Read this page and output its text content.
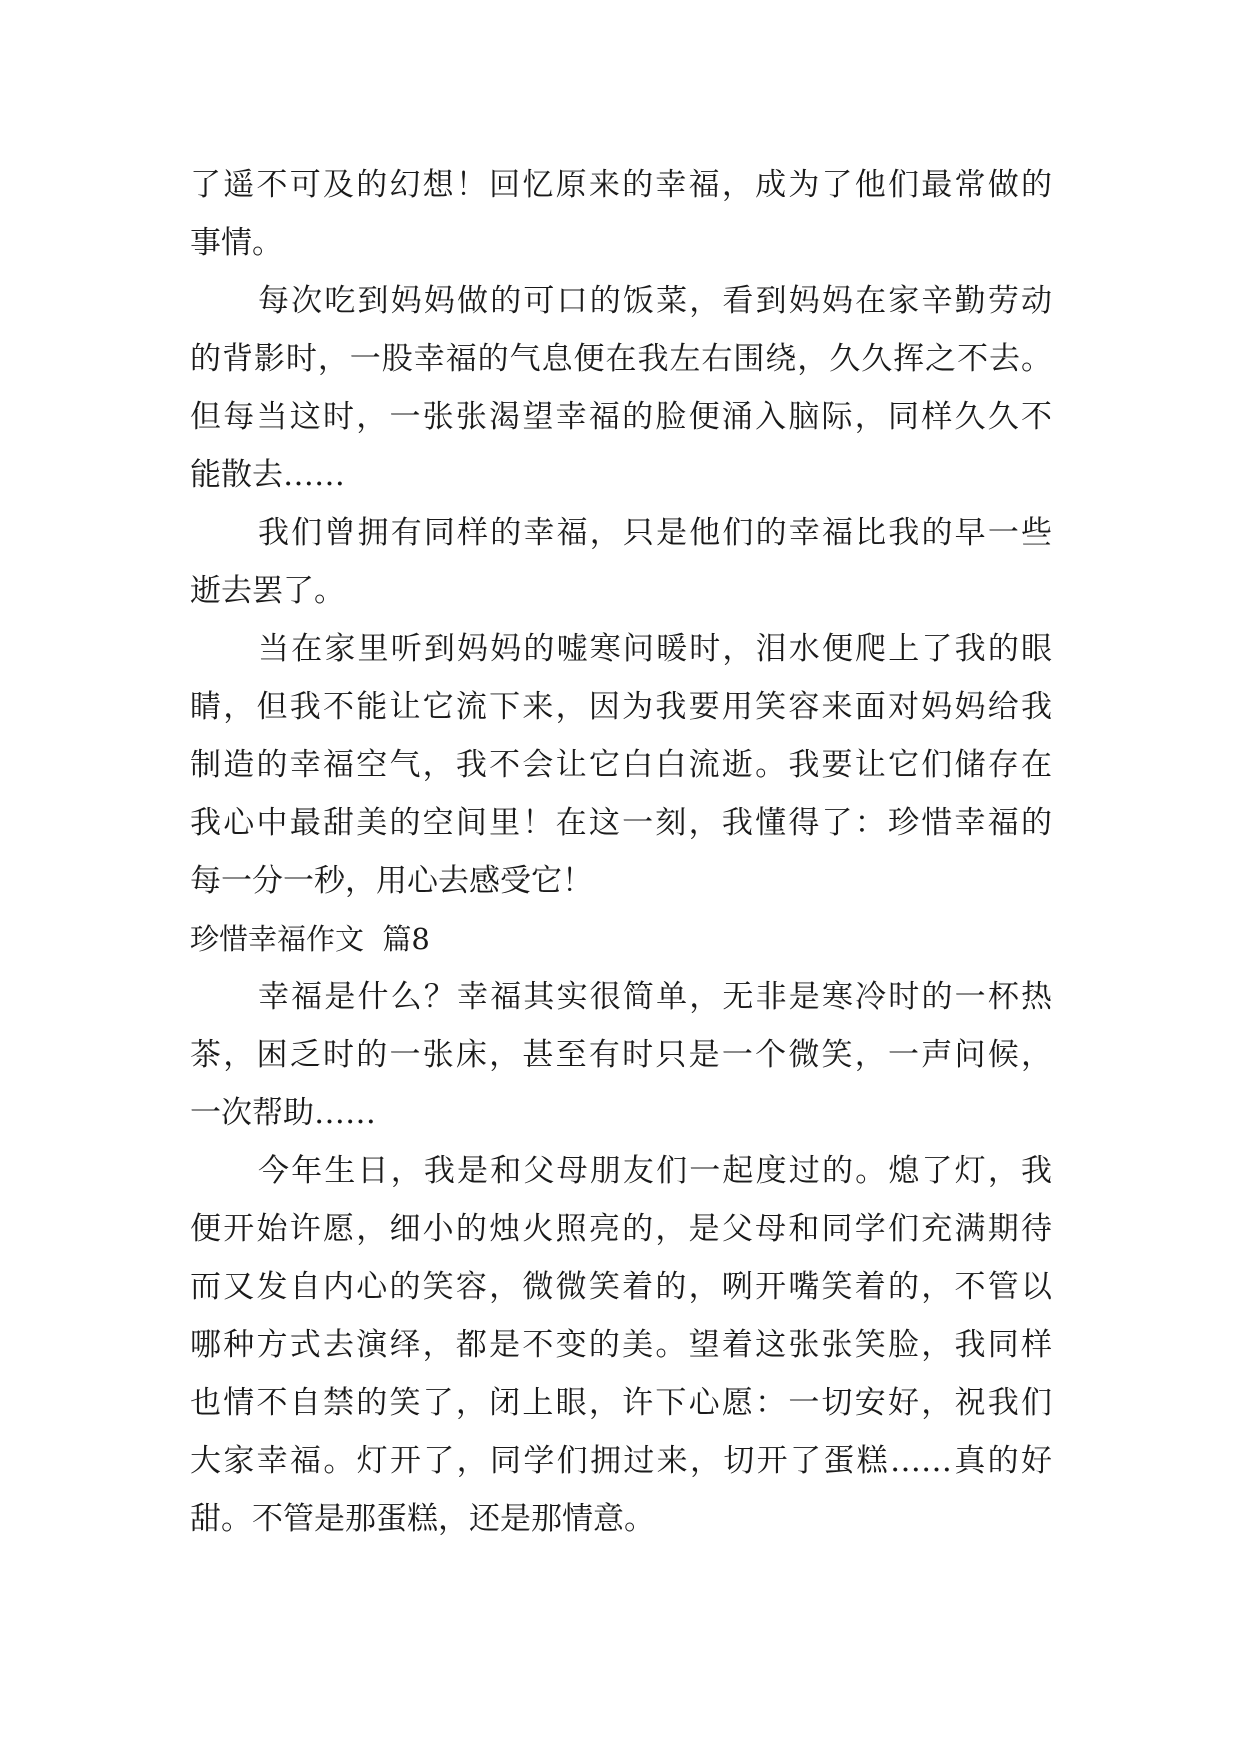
了遥不可及的幻想！回忆原来的幸福，成为了他们最常做的
事情。
每次吃到妈妈做的可口的饭菜，看到妈妈在家辛勤劳动
的背影时，一股幸福的气息便在我左右围绕，久久挥之不去。
但每当这时，一张张渴望幸福的脸便涌入脑际，同样久久不
能散去……
我们曾拥有同样的幸福，只是他们的幸福比我的早一些
逝去罢了。
当在家里听到妈妈的嘘寒问暖时，泪水便爬上了我的眼
睛，但我不能让它流下来，因为我要用笑容来面对妈妈给我
制造的幸福空气，我不会让它白白流逝。我要让它们储存在
我心中最甜美的空间里！在这一刻，我懂得了：珍惜幸福的
每一分一秒，用心去感受它！
珍惜幸福作文  篇8
幸福是什么？幸福其实很简单，无非是寒冷时的一杯热
茶，困乏时的一张床，甚至有时只是一个微笑，一声问候，
一次帮助……
今年生日，我是和父母朋友们一起度过的。熄了灯，我
便开始许愿，细小的烛火照亮的，是父母和同学们充满期待
而又发自内心的笑容，微微笑着的，咧开嘴笑着的，不管以
哪种方式去演绎，都是不变的美。望着这张张笑脸，我同样
也情不自禁的笑了，闭上眼，许下心愿：一切安好，祝我们
大家幸福。灯开了，同学们拥过来，切开了蛋糕……真的好
甜。不管是那蛋糕，还是那情意。
